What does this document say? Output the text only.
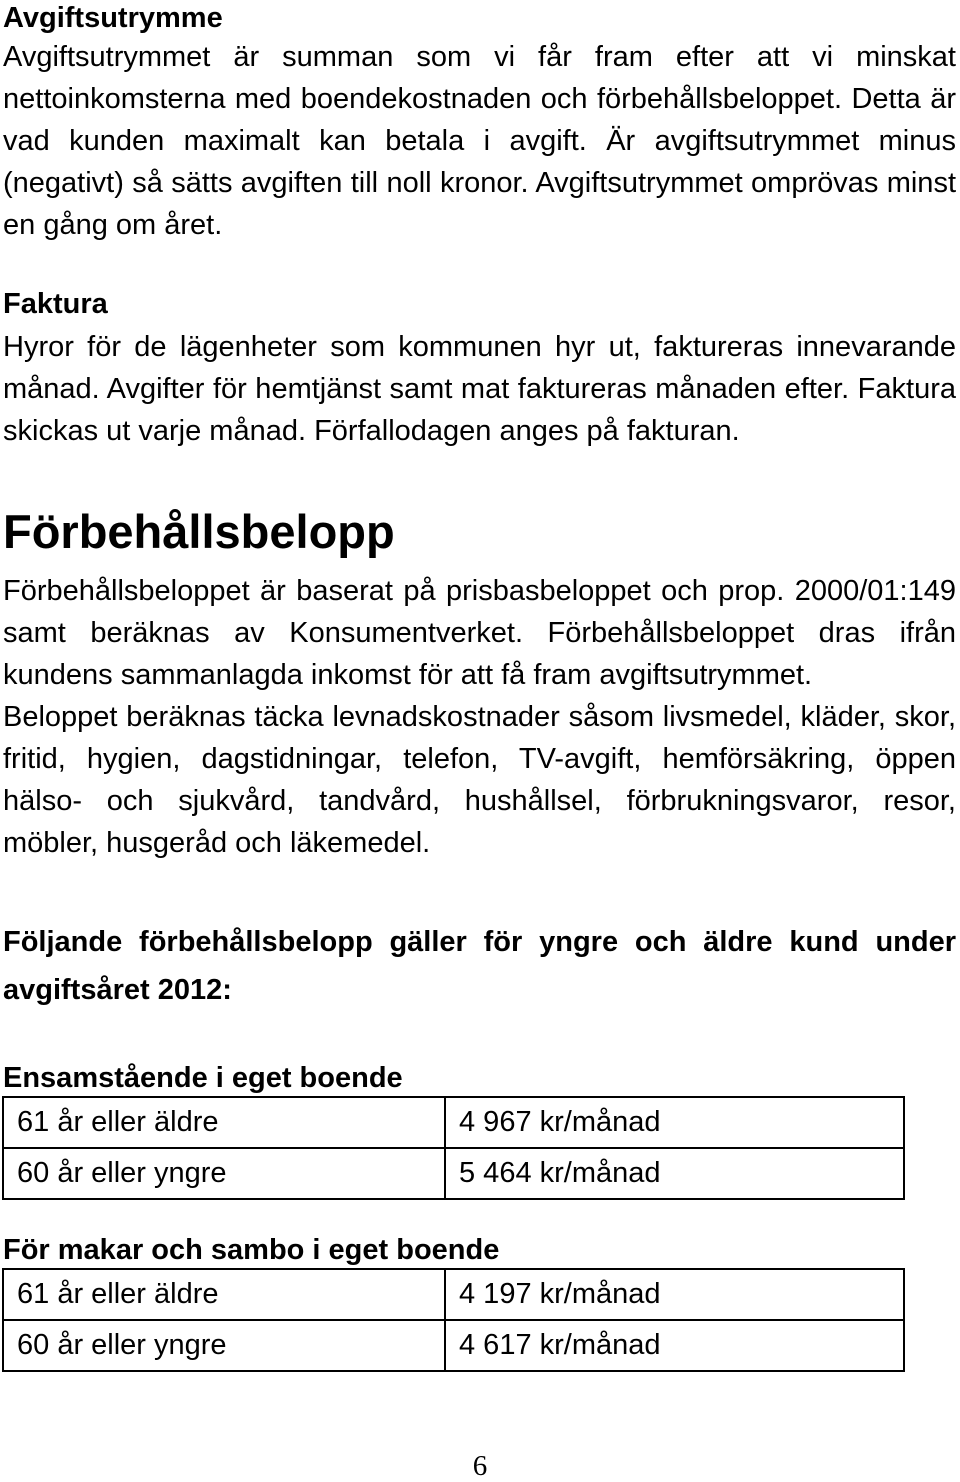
Avgiftsutrymme

Avgiftsutrymmet är summan som vi får fram efter att vi minskat nettoinkomsterna med boendekostnaden och förbehållsbeloppet. Detta är vad kunden maximalt kan betala i avgift. Är avgiftsutrymmet minus (negativt) så sätts avgiften till noll kronor. Avgiftsutrymmet omprövas minst en gång om året.

Faktura

Hyror för de lägenheter som kommunen hyr ut, faktureras innevarande månad. Avgifter för hemtjänst samt mat faktureras månaden efter. Faktura skickas ut varje månad. Förfallodagen anges på fakturan.

Förbehållsbelopp

Förbehållsbeloppet är baserat på prisbasbeloppet och prop. 2000/01:149 samt beräknas av Konsumentverket. Förbehållsbeloppet dras ifrån kundens sammanlagda inkomst för att få fram avgiftsutrymmet.

Beloppet beräknas täcka levnadskostnader såsom livsmedel, kläder, skor, fritid, hygien, dagstidningar, telefon, TV-avgift, hemförsäkring, öppen hälso- och sjukvård, tandvård, hushållsel, förbrukningsvaror, resor, möbler, husgeråd och läkemedel.

Följande förbehållsbelopp gäller för yngre och äldre kund under avgiftsåret 2012:
Ensamstående i eget boende
61 år eller äldre	4 967 kr/månad
60 år eller yngre	5 464 kr/månad
För makar och sambo i eget boende
61 år eller äldre	4 197 kr/månad
60 år eller yngre	4 617 kr/månad
6
